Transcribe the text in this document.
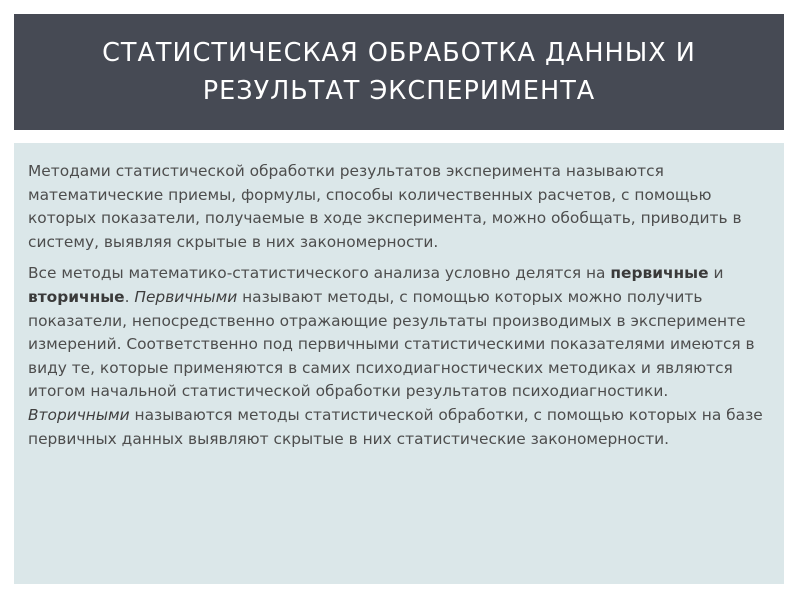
СТАТИСТИЧЕСКАЯ ОБРАБОТКА ДАННЫХ И РЕЗУЛЬТАТ ЭКСПЕРИМЕНТА

Методами статистической обработки результатов эксперимента называются математические приемы, формулы, способы количественных расчетов, с помощью которых показатели, получаемые в ходе эксперимента, можно обобщать, приводить в систему, выявляя скрытые в них закономерности.

Все методы математико-статистического анализа условно делятся на первичные и вторичные. Первичными называют методы, с помощью которых можно получить показатели, непосредственно отражающие результаты производимых в эксперименте измерений. Соответственно под первичными статистическими показателями имеются в виду те, которые применяются в самих психодиагностических методиках и являются итогом начальной статистической обработки результатов психодиагностики. Вторичными называются методы статистической обработки, с помощью которых на базе первичных данных выявляют скрытые в них статистические закономерности.
